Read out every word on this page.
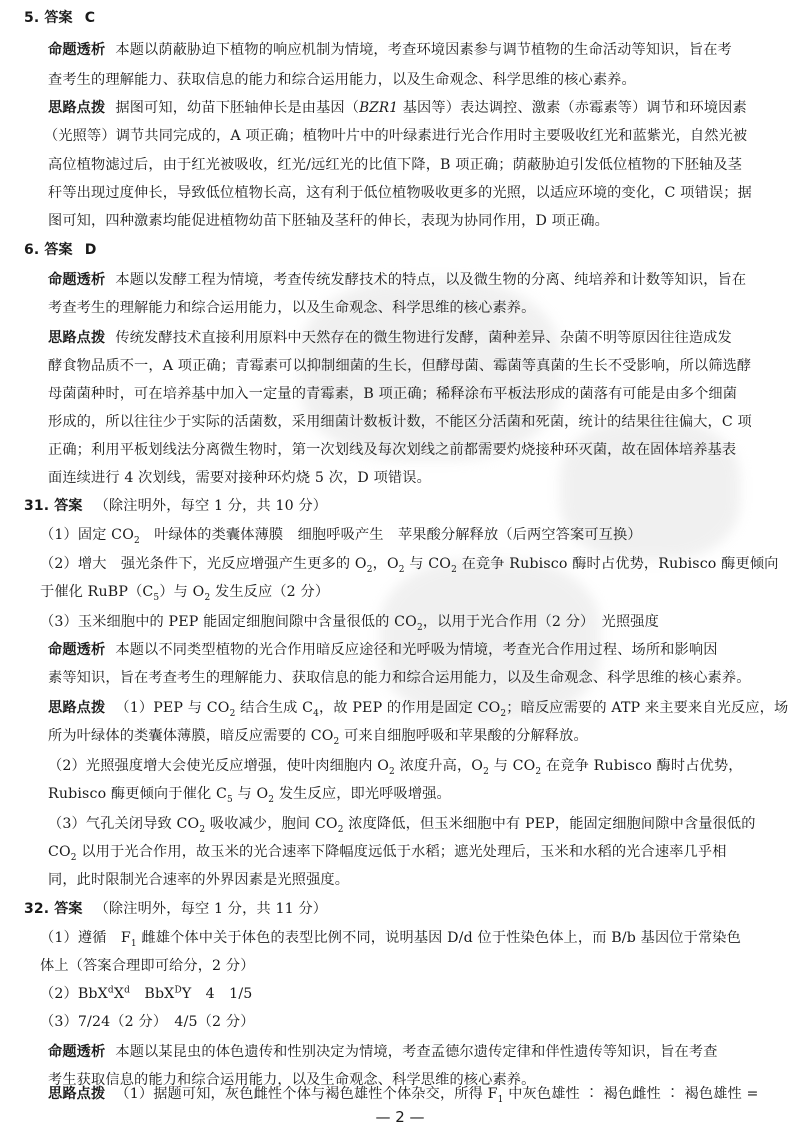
5. 答案 C
命题透析 本题以荫蔽胁迫下植物的响应机制为情境，考查环境因素参与调节植物的生命活动等知识，旨在考
查考生的理解能力、获取信息的能力和综合运用能力，以及生命观念、科学思维的核心素养。
思路点拨 据图可知，幼苗下胚轴伸长是由基因（BZR1 基因等）表达调控、激素（赤霉素等）调节和环境因素
（光照等）调节共同完成的，A 项正确；植物叶片中的叶绿素进行光合作用时主要吸收红光和蓝紫光，自然光被
高位植物滤过后，由于红光被吸收，红光/远红光的比值下降，B 项正确；荫蔽胁迫引发低位植物的下胚轴及茎
秆等出现过度伸长，导致低位植物长高，这有利于低位植物吸收更多的光照，以适应环境的变化，C 项错误；据
图可知，四种激素均能促进植物幼苗下胚轴及茎秆的伸长，表现为协同作用，D 项正确。
6. 答案 D
命题透析 本题以发酵工程为情境，考查传统发酵技术的特点，以及微生物的分离、纯培养和计数等知识，旨在
考查考生的理解能力和综合运用能力，以及生命观念、科学思维的核心素养。
思路点拨 传统发酵技术直接利用原料中天然存在的微生物进行发酵，菌种差异、杂菌不明等原因往往造成发
酵食物品质不一，A 项正确；青霉素可以抑制细菌的生长，但酵母菌、霉菌等真菌的生长不受影响，所以筛选酵
母菌菌种时，可在培养基中加入一定量的青霉素，B 项正确；稀释涂布平板法形成的菌落有可能是由多个细菌
形成的，所以往往少于实际的活菌数，采用细菌计数板计数，不能区分活菌和死菌，统计的结果往往偏大，C 项
正确；利用平板划线法分离微生物时，第一次划线及每次划线之前都需要灼烧接种环灭菌，故在固体培养基表
面连续进行 4 次划线，需要对接种环灼烧 5 次，D 项错误。
31. 答案 （除注明外，每空 1 分，共 10 分）
（1）固定 $CO_2$　叶绿体的类囊体薄膜　细胞呼吸产生　苹果酸分解释放（后两空答案可互换）
（2）增大　强光条件下，光反应增强产生更多的 $O_2$，$O_2$ 与 $CO_2$ 在竞争 Rubisco 酶时占优势，Rubisco 酶更倾向
于催化 $RuBP(C_5)$与 $O_2$ 发生反应（2 分）
（3）玉米细胞中的 PEP 能固定细胞间隙中含量很低的 $CO_2$，以用于光合作用（2 分）　光照强度
命题透析 本题以不同类型植物的光合作用暗反应途径和光呼吸为情境，考查光合作用过程、场所和影响因
素等知识，旨在考查考生的理解能力、获取信息的能力和综合运用能力，以及生命观念、科学思维的核心素养。
思路点拨 （1）PEP 与 $CO_2$ 结合生成 $C_4$，故 PEP 的作用是固定 $CO_2$；暗反应需要的 ATP 来主要来自光反应，场
所为叶绿体的类囊体薄膜，暗反应需要的 $CO_2$ 可来自细胞呼吸和苹果酸的分解释放。
（2）光照强度增大会使光反应增强，使叶肉细胞内 $O_2$ 浓度升高，$O_2$ 与 $CO_2$ 在竞争 Rubisco 酶时占优势，
Rubisco 酶更倾向于催化 $C_5$ 与 $O_2$ 发生反应，即光呼吸增强。
（3）气孔关闭导致 $CO_2$ 吸收减少，胞间 $CO_2$ 浓度降低，但玉米细胞中有 PEP，能固定细胞间隙中含量很低的
$CO_2$ 以用于光合作用，故玉米的光合速率下降幅度远低于水稻；遮光处理后，玉米和水稻的光合速率几乎相
同，此时限制光合速率的外界因素是光照强度。
32. 答案 （除注明外，每空 1 分，共 11 分）
（1）遵循　$F_1$ 雌雄个体中关于体色的表型比例不同，说明基因 D/d 位于性染色体上，而 B/b 基因位于常染色
体上（答案合理即可给分，2 分）
$(2)BbX^dX^d$　BbX$^D$Y　4　1/5
（3）7/24（2 分）　4/5（2 分）
命题透析 本题以某昆虫的体色遗传和性别决定为情境，考查孟德尔遗传定律和伴性遗传等知识，旨在考查
考生获取信息的能力和综合运用能力，以及生命观念、科学思维的核心素养。
思路点拨 （1）据题可知，灰色雌性个体与褐色雄性个体杂交，所得 $F_1$ 中灰色雄性 ∶ 褐色雌性 ∶ 褐色雄性 =
— 2 —
